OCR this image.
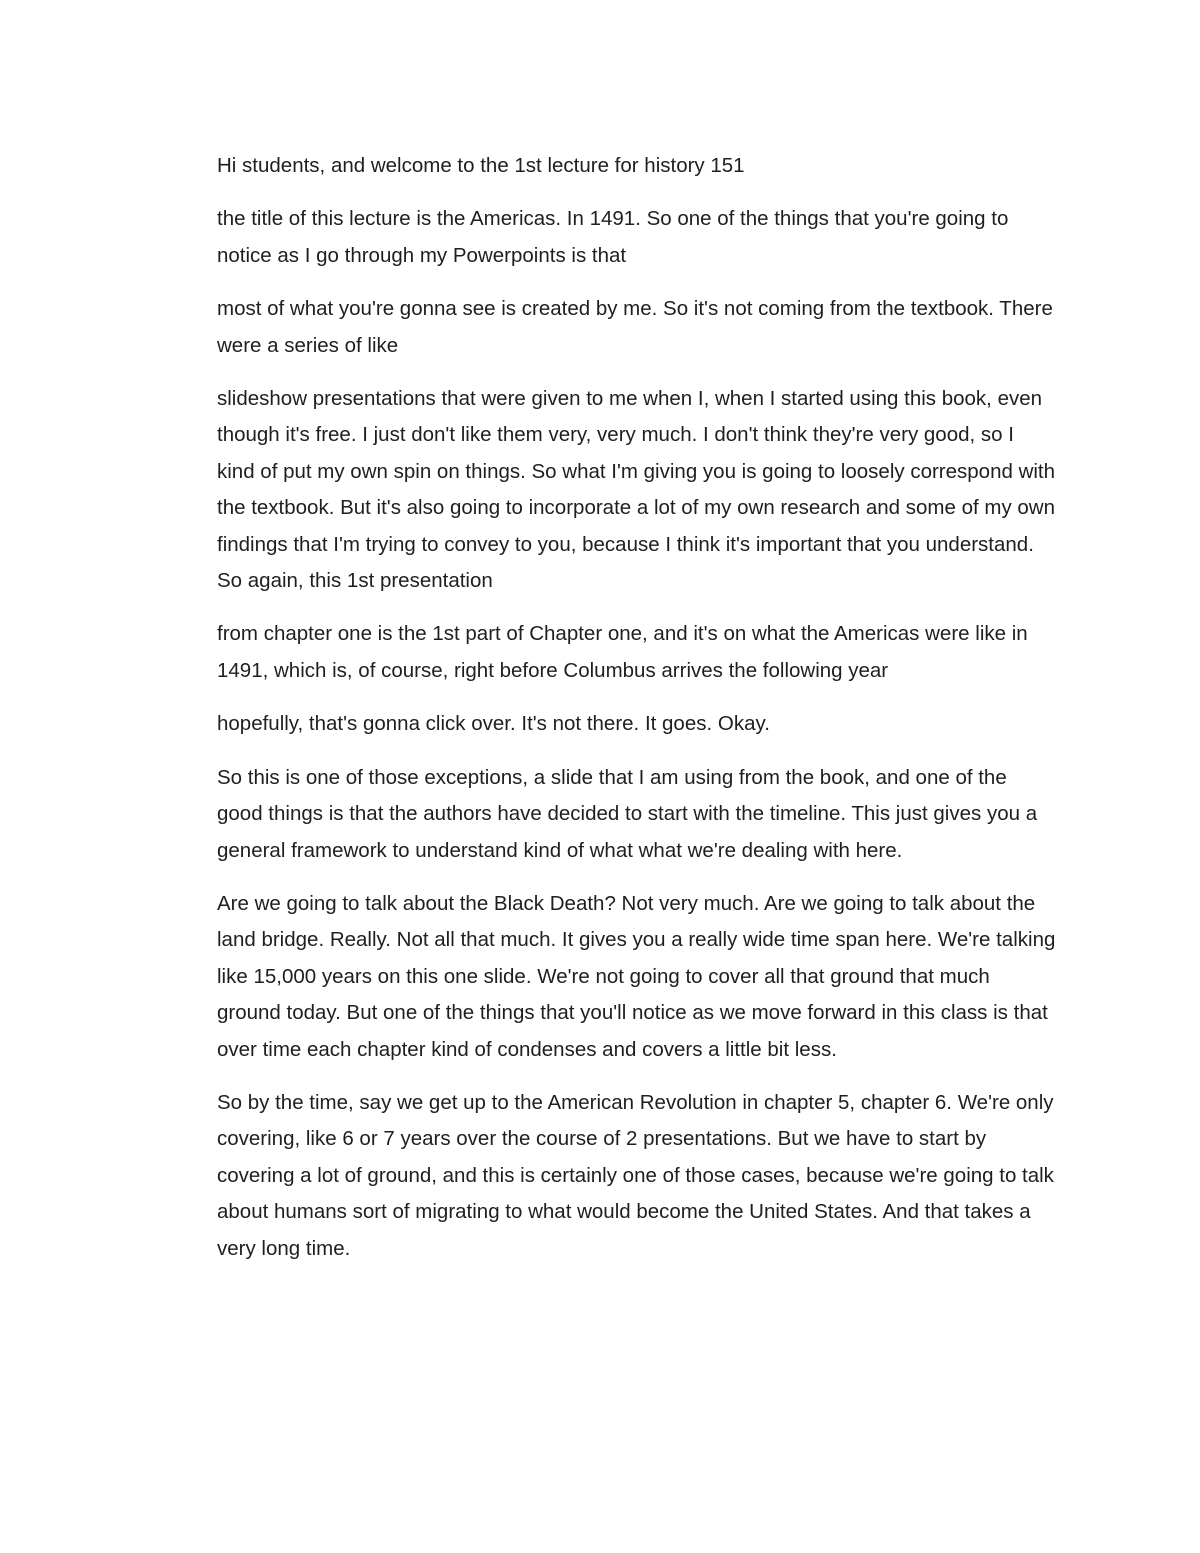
Hi students, and welcome to the 1st lecture for history 151

the title of this lecture is the Americas. In 1491. So one of the things that you're going to notice as I go through my Powerpoints is that

most of what you're gonna see is created by me. So it's not coming from the textbook. There were a series of like

slideshow presentations that were given to me when I, when I started using this book, even though it's free. I just don't like them very, very much. I don't think they're very good, so I kind of put my own spin on things. So what I'm giving you is going to loosely correspond with the textbook. But it's also going to incorporate a lot of my own research and some of my own findings that I'm trying to convey to you, because I think it's important that you understand. So again, this 1st presentation

from chapter one is the 1st part of Chapter one, and it's on what the Americas were like in 1491, which is, of course, right before Columbus arrives the following year

hopefully, that's gonna click over. It's not there. It goes. Okay.

So this is one of those exceptions, a slide that I am using from the book, and one of the good things is that the authors have decided to start with the timeline. This just gives you a general framework to understand kind of what what we're dealing with here.

Are we going to talk about the Black Death? Not very much. Are we going to talk about the land bridge. Really. Not all that much. It gives you a really wide time span here. We're talking like 15,000 years on this one slide. We're not going to cover all that ground that much ground today. But one of the things that you'll notice as we move forward in this class is that over time each chapter kind of condenses and covers a little bit less.

So by the time, say we get up to the American Revolution in chapter 5, chapter 6. We're only covering, like 6 or 7 years over the course of 2 presentations. But we have to start by covering a lot of ground, and this is certainly one of those cases, because we're going to talk about humans sort of migrating to what would become the United States. And that takes a very long time.
